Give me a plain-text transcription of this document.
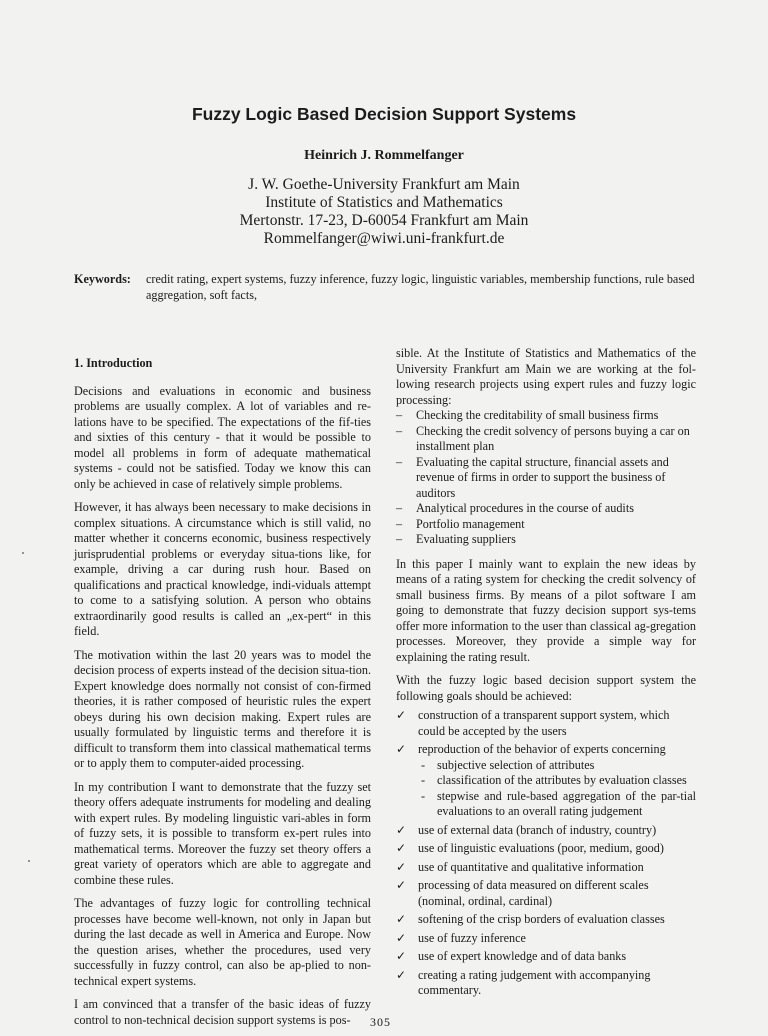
Fuzzy Logic Based Decision Support Systems
Heinrich J. Rommelfanger
J. W. Goethe-University Frankfurt am Main
Institute of Statistics and Mathematics
Mertonstr. 17-23, D-60054 Frankfurt am Main
Rommelfanger@wiwi.uni-frankfurt.de
Keywords:	credit rating, expert systems, fuzzy inference, fuzzy logic, linguistic variables, membership functions, rule based aggregation, soft facts,
1. Introduction

Decisions and evaluations in economic and business problems are usually complex. A lot of variables and re-lations have to be specified. The expectations of the fif-ties and sixties of this century - that it would be possible to model all problems in form of adequate mathematical systems - could not be satisfied. Today we know this can only be achieved in case of relatively simple problems.

However, it has always been necessary to make decisions in complex situations. A circumstance which is still valid, no matter whether it concerns economic, business respectively jurisprudential problems or everyday situa-tions like, for example, driving a car during rush hour. Based on qualifications and practical knowledge, indi-viduals attempt to come to a satisfying solution. A person who obtains extraordinarily good results is called an „ex-pert“ in this field.

The motivation within the last 20 years was to model the decision process of experts instead of the decision situa-tion. Expert knowledge does normally not consist of con-firmed theories, it is rather composed of heuristic rules the expert obeys during his own decision making. Expert rules are usually formulated by linguistic terms and therefore it is difficult to transform them into classical mathematical terms or to apply them to computer-aided processing.

In my contribution I want to demonstrate that the fuzzy set theory offers adequate instruments for modeling and dealing with expert rules. By modeling linguistic vari-ables in form of fuzzy sets, it is possible to transform ex-pert rules into mathematical terms. Moreover the fuzzy set theory offers a great variety of operators which are able to aggregate and combine these rules.

The advantages of fuzzy logic for controlling technical processes have become well-known, not only in Japan but during the last decade as well in America and Europe. Now the question arises, whether the procedures, used very successfully in fuzzy control, can also be ap-plied to non-technical expert systems.

I am convinced that a transfer of the basic ideas of fuzzy control to non-technical decision support systems is pos-

sible. At the Institute of Statistics and Mathematics of the University Frankfurt am Main we are working at the fol-lowing research projects using expert rules and fuzzy logic processing:

– Checking the creditability of small business firms
– Checking the credit solvency of persons buying a car on installment plan
– Evaluating the capital structure, financial assets and revenue of firms in order to support the business of auditors
– Analytical procedures in the course of audits
– Portfolio management
– Evaluating suppliers

In this paper I mainly want to explain the new ideas by means of a rating system for checking the credit solvency of small business firms. By means of a pilot software I am going to demonstrate that fuzzy decision support sys-tems offer more information to the user than classical ag-gregation processes. Moreover, they provide a simple way for explaining the rating result.

With the fuzzy logic based decision support system the following goals should be achieved:

✓ construction of a transparent support system, which could be accepted by the users
✓ reproduction of the behavior of experts concerning
- subjective selection of attributes
- classification of the attributes by evaluation classes
- stepwise and rule-based aggregation of the par-tial evaluations to an overall rating judgement
✓ use of external data (branch of industry, country)
✓ use of linguistic evaluations (poor, medium, good)
✓ use of quantitative and qualitative information
✓ processing of data measured on different scales (nominal, ordinal, cardinal)
✓ softening of the crisp borders of evaluation classes
✓ use of fuzzy inference
✓ use of expert knowledge and of data banks
✓ creating a rating judgement with accompanying commentary.
305
